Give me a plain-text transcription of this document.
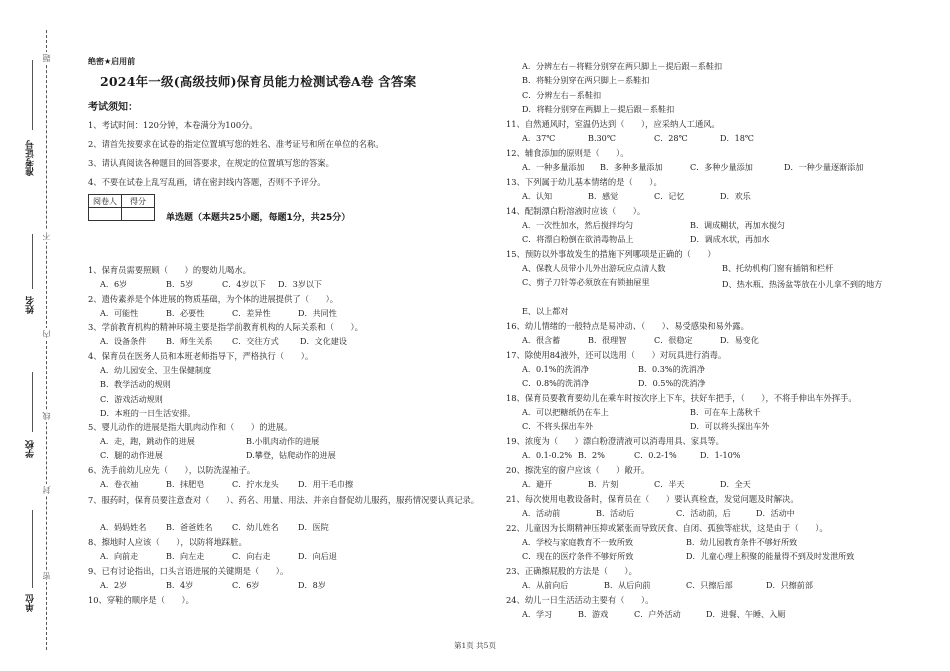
题
不
内
线
封
密
准考证号
姓名
学校
单位
绝密★启用前
2024年一级(高级技师)保育员能力检测试卷A卷 含答案
考试须知：
1、考试时间：120分钟，本卷满分为100分。
2、请首先按要求在试卷的指定位置填写您的姓名、准考证号和所在单位的名称。
3、请认真阅读各种题目的回答要求，在规定的位置填写您的答案。
4、不要在试卷上乱写乱画，请在密封线内答题，否则不予评分。
阅卷人	得分

单选题（本题共25小题，每题1分，共25分）
1、保育员需要照顾（　　）的婴幼儿喝水。
A．6岁	B．5岁	C．4岁以下 D．3岁以下
2、遗传素养是个体进展的物质基础，为个体的进展提供了（　　）。
A．可能性	B．必要性	C．差异性	D．共同性
3、学前教育机构的精神环境主要是指学前教育机构的人际关系和（　　）。
A．设备条件 B．师生关系 C．交往方式	D．文化建设
4、保育员在医务人员和本班老师指导下，严格执行（　　）。
A．幼儿园安全、卫生保健制度
B．教学活动的规则
C．游戏活动规则
D．本班的一日生活安排。
5、婴儿动作的进展是指大肌肉动作和（　　）的进展。
A．走，跑，跳动作的进展	B.小肌肉动作的进展
C．腿的动作进展	D.攀登，钻爬动作的进展
6、洗手前幼儿应先（　　），以防洗湿袖子。
A．卷衣袖	B．抹肥皂	C．拧水龙头 D．用干毛巾擦
7、服药时，保育员要注意查对（　　）、药名、用量、用法、并亲自督促幼儿服药，服药情况要认真记录。
A．妈妈姓名 B．爸爸姓名 C．幼儿姓名 D．医院
8、擦地时人应该（　　），以防将地踩脏。
A．向前走	B．向左走	C．向右走	D．向后退
9、已有讨论指出，口头言语进展的关键期是（　　）。
A．2岁	B．4岁	C．6岁	D．8岁
10、穿鞋的顺序是（　　）。
A．分辨左右－将鞋分别穿在两只脚上－提后跟－系鞋扣
B．将鞋分别穿在两只脚上－系鞋扣
C．分辨左右－系鞋扣
D．将鞋分别穿在两脚上－提后跟－系鞋扣
11、自然通风时，室温仍达到（　　），应采纳人工通风。
A．37℃	B.30℃	C．28℃	D．18℃
12、辅食添加的原则是（　　）。
A．一种多量添加 B．多种多量添加	C．多种少量添加	D．一种少量逐渐添加
13、下列属于幼儿基本情绪的是（　　）。
A．认知	B．感觉	C．记忆	D．欢乐
14、配制漂白粉溶液时应该（　　）。
A．一次性加水，然后搅拌均匀	B．调成糊状，再加水搅匀
C．将漂白粉倒在欲消毒物品上	D．调成水状，再加水
15、预防以外事故发生的措施下列哪项是正确的（　　）
A、保教人员带小儿外出游玩应点清人数	B、托幼机构门窗有插销和栏杆
C、剪子刀针等必须放在有锁抽屉里	D、热水瓶、热汤盆等放在小儿拿不到的地方
E、以上都对
16、幼儿情绪的一般特点是易冲动、（　　）、易受感染和易外露。
A．很含蓄	B．很理智	C．很稳定	D．易变化
17、除使用84液外，还可以选用（　　）对玩具进行消毒。
A．0.1%的洗消净	B．0.3%的洗消净
C．0.8%的洗消净	D．0.5%的洗消净
18、保育员要教育要幼儿在乘车时按次序上下车，扶好车把手，（　　），不将手伸出车外挥手。
A．可以把糖纸仍在车上	B．可在车上荡秋千
C．不将头探出车外	D．可以将头探出车外
19、浓度为（　　）漂白粉澄清液可以消毒用具、家具等。
A．0.1-0.2% B．2%	C．0.2-1%	D．1-10%
20、擦洗室的窗户应该（　　）敞开。
A．避开	B．片刻	C．半天	D．全天
21、每次使用电教设备时，保育员在（　　）要认真检查，发觉问题及时解决。
A．活动前	B．活动后	C．活动前，后	D．活动中
22、儿童因为长期精神压抑或紧张而导致厌食、自闭、孤独等症状，这是由于（　　）。
A．学校与家庭教育不一致所致	B．幼儿园教育条件不够好所致
C．现在的医疗条件不够好所致	D．儿童心理上积聚的能量得不到及时发泄所致
23、正确擦屁股的方法是（　　）。
A．从前向后	B．从后向前	C．只擦后部	D．只擦前部
24、幼儿一日生活活动主要有（　　）。
A．学习	B．游戏	C．户外活动	D．进餐、午睡、入厕
第1页 共5页
